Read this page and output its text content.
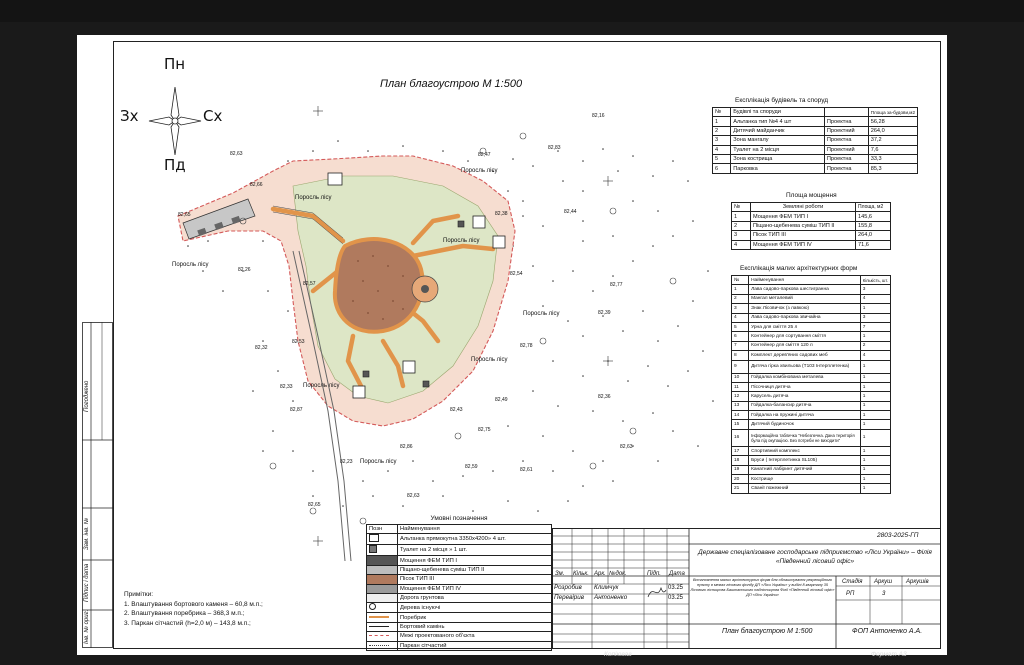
Погоджено
Інв. № ориг.
Підпис і дата
Зам. інв. №
Поросль лісу
Поросль лісу
Поросль лісу
Поросль лісу
Поросль лісу
Поросль лісу
Поросль лісу
Поросль лісу
82,16
82,38
82,54
82,47
82,83
82,77
82,66
82,65
82,63
82,44
82,26
82,39
82,57
82,53
82,32
82,33
82,87	82,43
82,78
82,63
82,86
82,75
82,49	82,36
82,23
82,59	82,61
82,63
82,65
План благоустрою М 1:500
Пн
Пд
Зх	Сх
Експлікація будівель та споруд
№	Будівлі та споруди		Площа за-будови,м2
1	Альтанка тип №4 4 шт	Проектна	56,28
2	Дитячий майданчик	Проектний	264,0
3	Зона мангалу	Проектна	37,2
4	Туалет на 2 місця	Проектний	7,6
5	Зона кострища	Проектна	33,3
6	Парковка	Проектна	85,3
Площа мощення
№	Земляні роботи	Площа, м2
1	Мощення ФЕМ ТИП I	145,6
2	Піщано-щебенева суміш ТИП II	155,8
3	Пісок ТИП III	264,0
4	Мощення ФЕМ ТИП IV	71,6
Експлікація малих архітектурних форм
№	Найменування	Кількість, шт.
1	Лава садово-паркова шестигранна	3
2	Мангал металевий	4
3	Знак Лісовичок (з лавкою)	1
4	Лава садово-паркова звичайна	3
5	Урна для сміття 25 л	7
6	Контейнер для сортування сміття	1
7	Контейнер для сміття 120 л	2
8	Комплект дерев'яних садових меб	4
9	Дитяча гірка хвильова (Т103 Інтерплетенка)	1
10	Гойдалка комбінована металева	1
11	Пісочниця дитяча	1
12	Карусель дитяча	1
13	Гойдалка-балансир дитяча	1
14	Гойдалка на пружині дитяча	1
15	Дитячий будиночок	1
16	Інформаційна табличка "Небезпечна. Дана територія була під окупацією. Без потреби не виходити"	1
17	Спортивний комплекс	1
18	Бруси ( Інтерплетинка SL105)	1
19	Канатний лабіринт дитячий	1
20	Кострище	1
21	Сванії пожежний	1
Умовні позначення
Позн	Найменування
	Альтанка прямокутна 3350х4200» 4 шт.
	Туалет на 2 місця » 1 шт.
	Мощення ФЕМ ТИП I
	Піщано-щебенева суміш ТИП II
	Пісок ТИП III
	Мощення ФЕМ ТИП IV
	Дорога грунтова
	Дерева існуючі
	Поребрик
	Бортовий камінь
	Межі проектованого об'єкта
	Паркан сітчастий
Примітки:
1. Влаштування бортового каменя – 60,8 м.п.;
2. Влаштування поребрика – 368,3 м.п.;
3. Паркан сітчастий (h=2,0 м) – 143,8 м.п.;
2803-2025-ГП
Державне спеціалізоване господарське підприємство «Ліси України» – Філія «Південний лісовий офіс»
Встановлення малих архітектурних форм для облаштування рекреаційного пункту в межах лісового фонду ДП «Ліси України» у виділі 8 кварталу 35 Лісового лісництва Баштанського надлісництва Філії «Південний лісовий офіс» ДП «Ліси України»
Зм. Кільк. Арк. №док.	Підп. Дата
Розробив Климчук	03.25
Перевірив Антоненко	03.25
Стадія Аркуш Аркушів
РП	3
План благоустрою М 1:500	ФОП Антоненко А.А.
Копіював	Формат А3
